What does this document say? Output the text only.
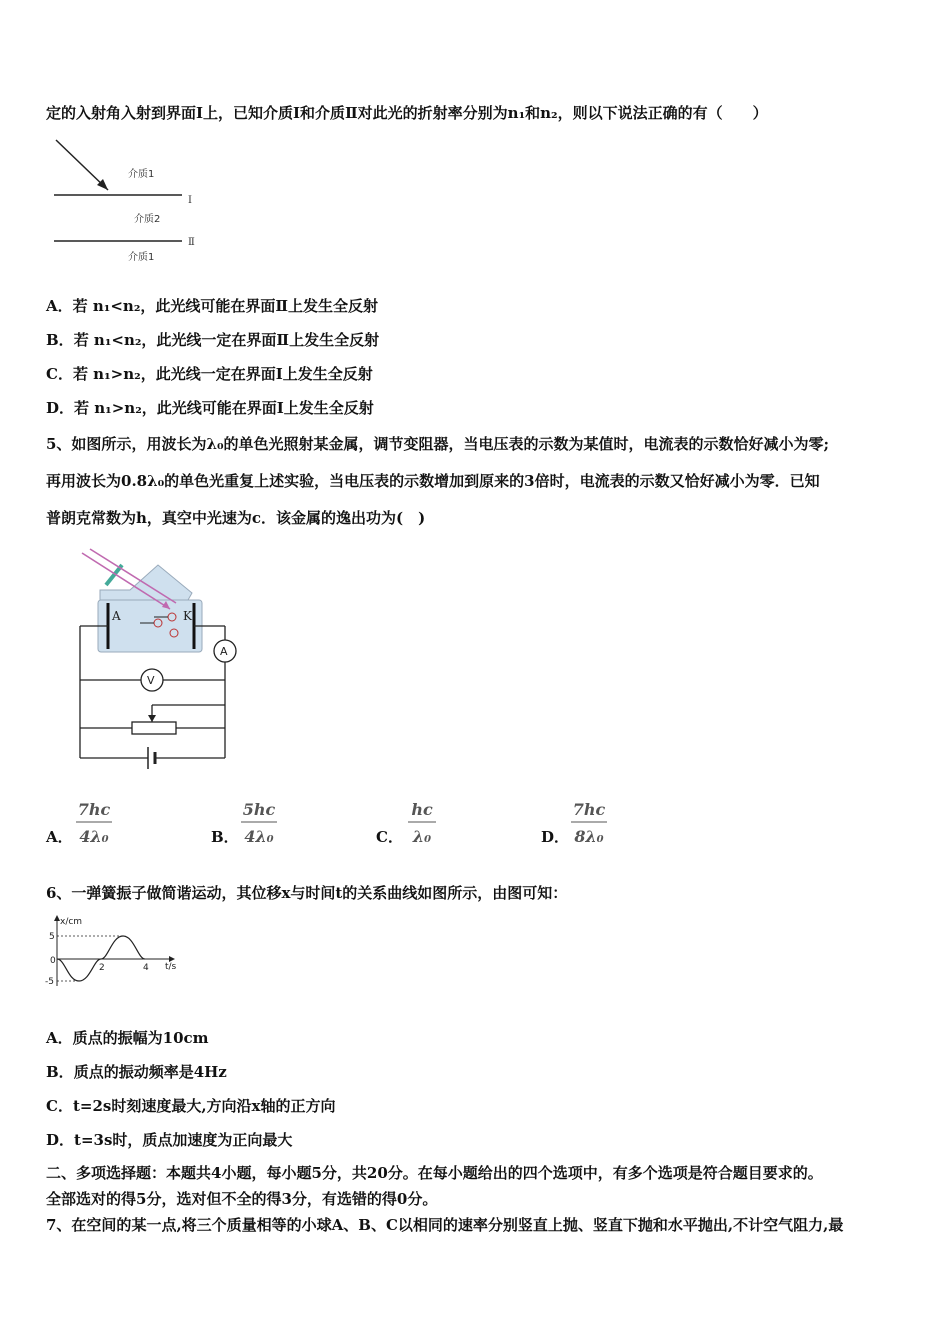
定的入射角入射到界面Ⅰ上，已知介质Ⅰ和介质Ⅱ对此光的折射率分别为n₁和n₂，则以下说法正确的有（　　）
介质1
介质2
介质1
Ⅰ
Ⅱ
A．若 n₁<n₂，此光线可能在界面Ⅱ上发生全反射
B．若 n₁<n₂，此光线一定在界面Ⅱ上发生全反射
C．若 n₁>n₂，此光线一定在界面Ⅰ上发生全反射
D．若 n₁>n₂，此光线可能在界面Ⅰ上发生全反射
5、如图所示，用波长为λ₀的单色光照射某金属，调节变阻器，当电压表的示数为某值时，电流表的示数恰好减小为零;
再用波长为0.8λ₀的单色光重复上述实验，当电压表的示数增加到原来的3倍时，电流表的示数又恰好减小为零．已知
普朗克常数为h，真空中光速为c．该金属的逸出功为(　)
A	K
A
V
A．
7hc
4λ₀	B．
5hc
4λ₀	C．
hc
λ₀	D．
7hc
8λ₀
6、一弹簧振子做简谐运动，其位移x与时间t的关系曲线如图所示，由图可知：
x/cm
t/s
5
0
-5
2	4
A．质点的振幅为10cm
B．质点的振动频率是4Hz
C．t=2s时刻速度最大,方向沿x轴的正方向
D．t=3s时，质点加速度为正向最大
二、多项选择题：本题共4小题，每小题5分，共20分。在每小题给出的四个选项中，有多个选项是符合题目要求的。
全部选对的得5分，选对但不全的得3分，有选错的得0分。
7、在空间的某一点,将三个质量相等的小球A、B、C以相同的速率分别竖直上抛、竖直下抛和水平抛出,不计空气阻力,最
